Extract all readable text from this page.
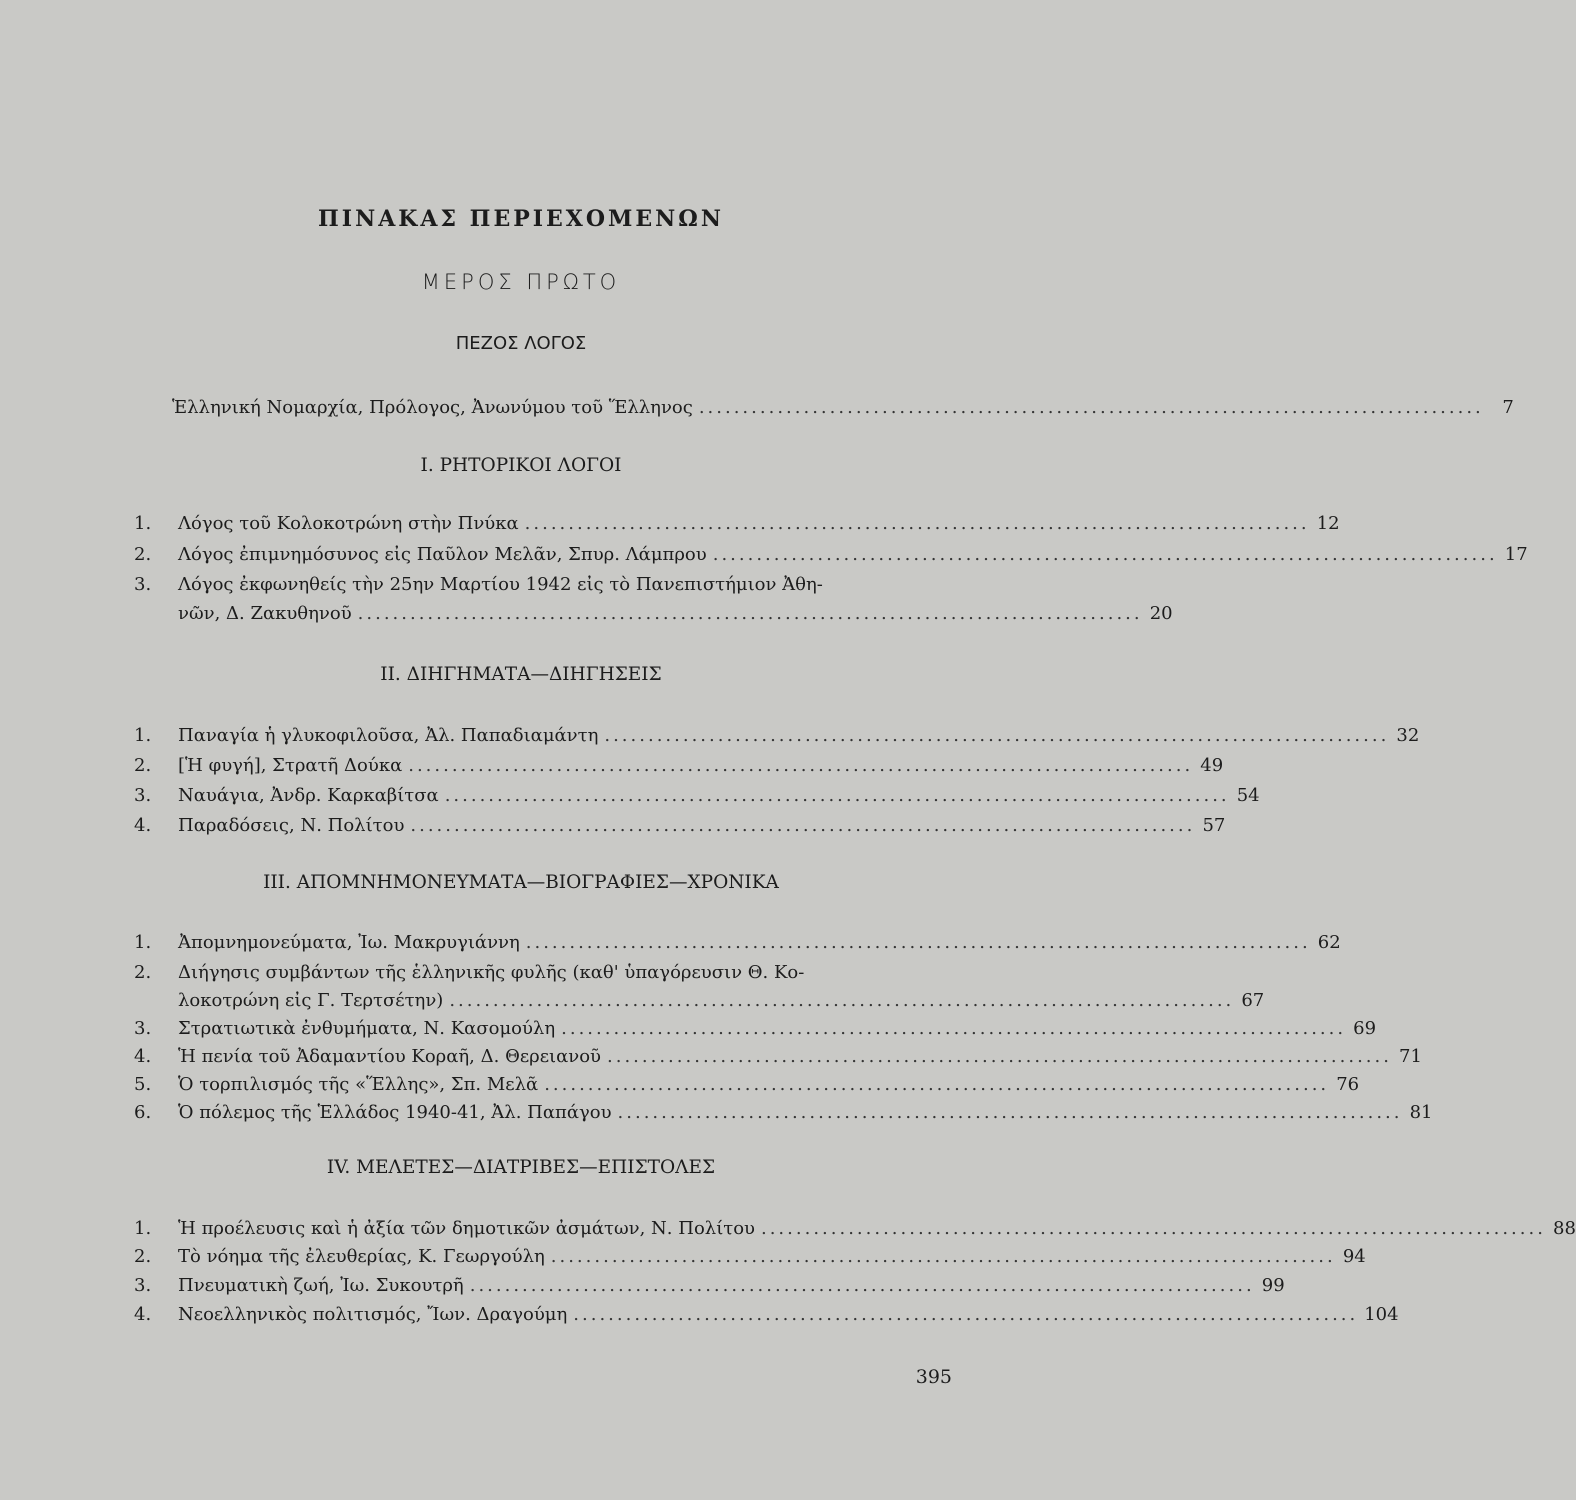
ΠΙΝΑΚΑΣ ΠΕΡΙΕΧΟΜΕΝΩΝ
ΜΕΡΟΣ ΠΡΩΤΟ
ΠΕΖΟΣ ΛΟΓΟΣ
Ἑλληνική Νομαρχία, Πρόλογος, Ἀνωνύμου τοῦ Ἕλληνος ..........................................................................................	7
I. ΡΗΤΟΡΙΚΟΙ ΛΟΓΟΙ
1.	Λόγος τοῦ Κολοκοτρώνη στὴν Πνύκα .......................................................................................... 12
2.	Λόγος ἐπιμνημόσυνος εἰς Παῦλον Μελᾶν, Σπυρ. Λάμπρου .......................................................................................... 17
3.	Λόγος ἐκφωνηθείς τὴν 25ην Μαρτίου 1942 εἰς τὸ Πανεπιστήμιον Ἀθη-
νῶν, Δ. Ζακυθηνοῦ .......................................................................................... 20
II. ΔΙΗΓΗΜΑΤΑ—ΔΙΗΓΗΣΕΙΣ
1.	Παναγία ἡ γλυκοφιλοῦσα, Ἀλ. Παπαδιαμάντη .......................................................................................... 32
2.	[Ἡ φυγή], Στρατῆ Δούκα .......................................................................................... 49
3.	Ναυάγια, Ἀνδρ. Καρκαβίτσα .......................................................................................... 54
4.	Παραδόσεις, Ν. Πολίτου .......................................................................................... 57
III. ΑΠΟΜΝΗΜΟΝΕΥΜΑΤΑ—ΒΙΟΓΡΑΦΙΕΣ—ΧΡΟΝΙΚΑ
1.	Ἀπομνημονεύματα, Ἰω. Μακρυγιάννη .......................................................................................... 62
2.	Διήγησις συμβάντων τῆς ἑλληνικῆς φυλῆς (καθ' ὑπαγόρευσιν Θ. Κο-
λοκοτρώνη εἰς Γ. Τερτσέτην) .......................................................................................... 67
3.	Στρατιωτικὰ ἐνθυμήματα, Ν. Κασομούλη .......................................................................................... 69
4.	Ἡ πενία τοῦ Ἀδαμαντίου Κοραῆ, Δ. Θερειανοῦ .......................................................................................... 71
5.	Ὁ τορπιλισμός τῆς «Ἕλλης», Σπ. Μελᾶ .......................................................................................... 76
6.	Ὁ πόλεμος τῆς Ἑλλάδος 1940-41, Ἀλ. Παπάγου .......................................................................................... 81
IV. ΜΕΛΕΤΕΣ—ΔΙΑΤΡΙΒΕΣ—ΕΠΙΣΤΟΛΕΣ
1.	Ἡ προέλευσις καὶ ἡ ἀξία τῶν δημοτικῶν ἀσμάτων, Ν. Πολίτου .......................................................................................... 88
2.	Τὸ νόημα τῆς ἐλευθερίας, Κ. Γεωργούλη .......................................................................................... 94
3.	Πνευματικὴ ζωή, Ἰω. Συκουτρῆ .......................................................................................... 99
4.	Νεοελληνικὸς πολιτισμός, Ἴων. Δραγούμη .......................................................................................... 104
395
